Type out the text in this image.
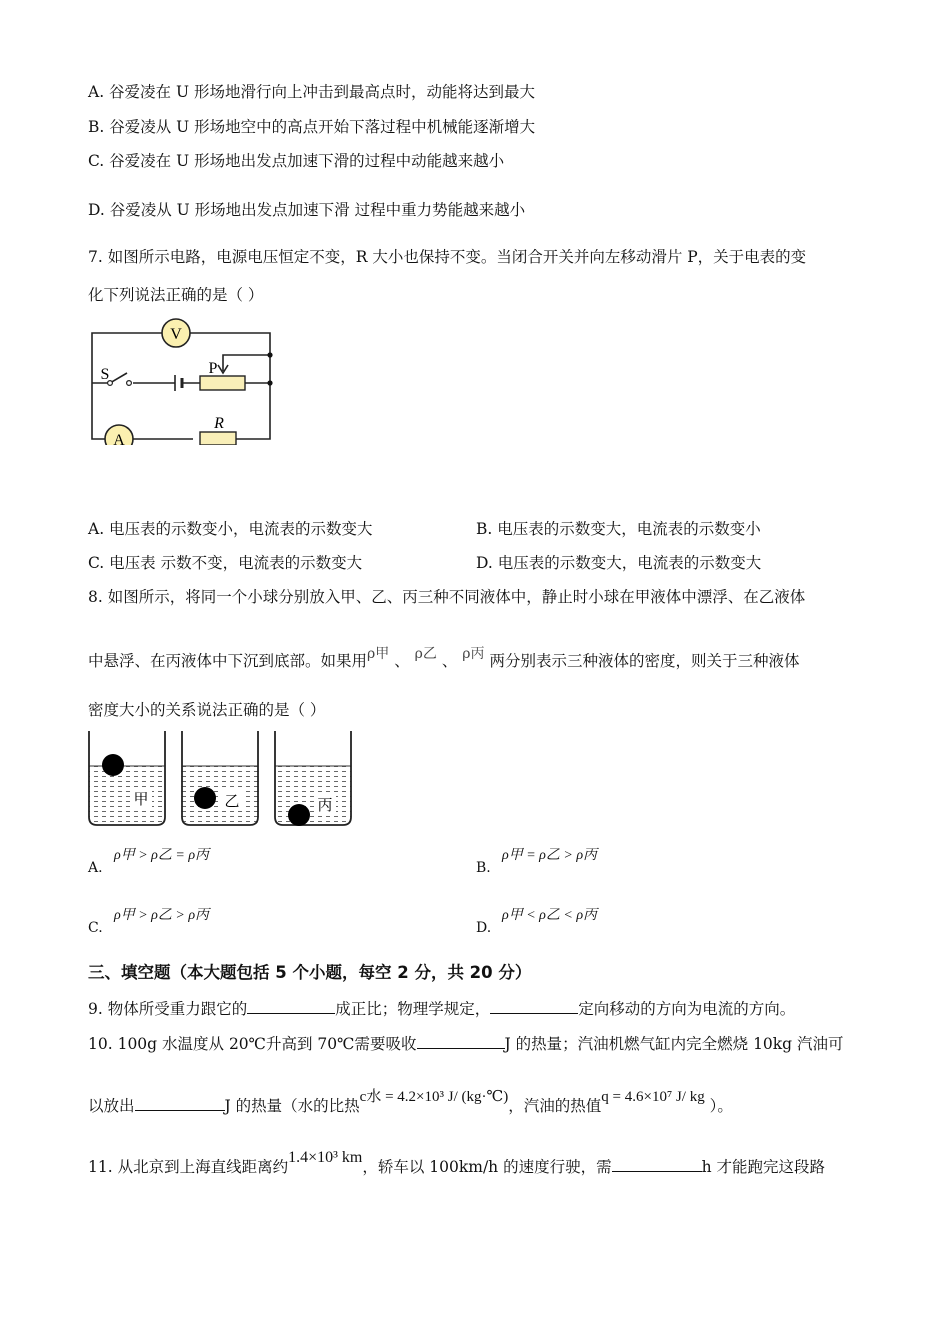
A. 谷爱凌在 U 形场地滑行向上冲击到最高点时，动能将达到最大
B. 谷爱凌从 U 形场地空中的高点开始下落过程中机械能逐渐增大
C. 谷爱凌在 U 形场地出发点加速下滑的过程中动能越来越小
D. 谷爱凌从 U 形场地出发点加速下滑 过程中重力势能越来越小
7. 如图所示电路，电源电压恒定不变，R 大小也保持不变。当闭合开关并向左移动滑片 P，关于电表的变
化下列说法正确的是（ ）
V
A
S	P
R
A. 电压表的示数变小，电流表的示数变大	B. 电压表的示数变大，电流表的示数变小
C. 电压表 示数不变，电流表的示数变大	D. 电压表的示数变大，电流表的示数变大
8. 如图所示，将同一个小球分别放入甲、乙、丙三种不同液体中，静止时小球在甲液体中漂浮、在乙液体
中悬浮、在丙液体中下沉到底部。如果用ρ甲 、 ρ乙 、 ρ丙 两分别表示三种液体的密度，则关于三种液体
密度大小的关系说法正确的是（ ）
甲	乙	丙
A.
ρ甲 > ρ乙 = ρ丙
B.
ρ甲 = ρ乙 > ρ丙
C.
ρ甲 > ρ乙 > ρ丙
D.
ρ甲 < ρ乙 < ρ丙
三、填空题（本大题包括 5 个小题，每空 2 分，共 20 分）
9. 物体所受重力跟它的	成正比；物理学规定，	定向移动的方向为电流的方向。
10. 100g 水温度从 20℃升高到 70℃需要吸收	J 的热量；汽油机燃气缸内完全燃烧 10kg 汽油可
以放出	J 的热量（水的比热c水 = 4.2×10³ J/ (kg·℃)，汽油的热值q = 4.6×10⁷ J/ kg ）。
11. 从北京到上海直线距离约1.4×10³ km，轿车以 100km/h 的速度行驶，需	h 才能跑完这段路
